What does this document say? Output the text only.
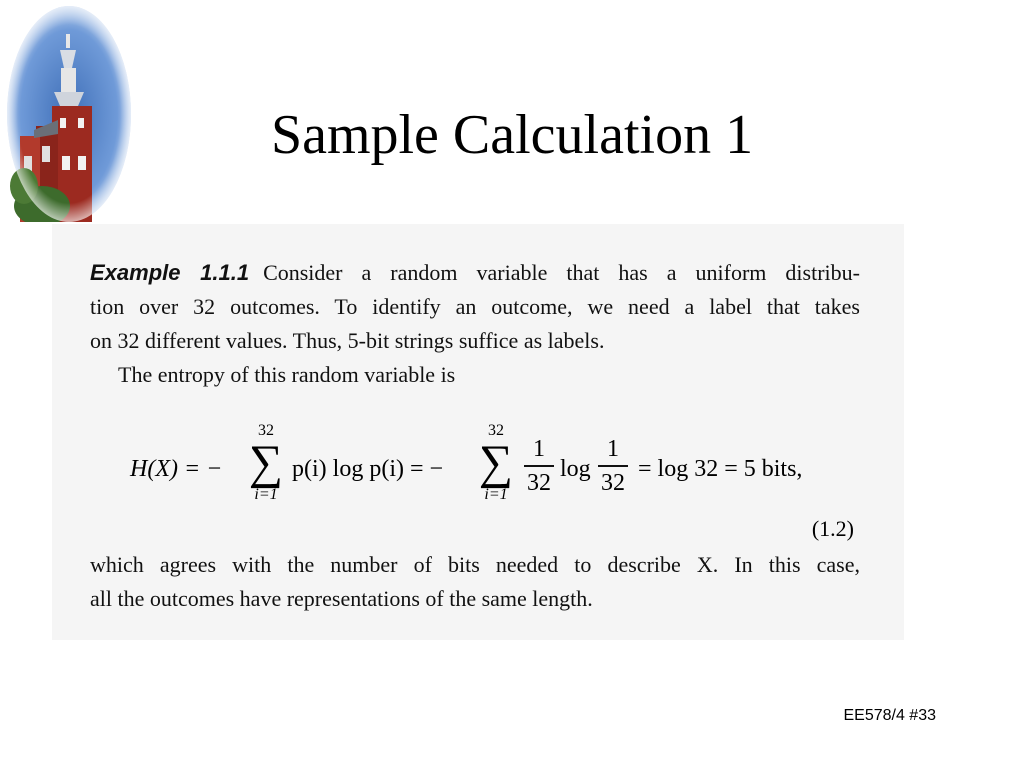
Sample Calculation 1
Example 1.1.1 Consider a random variable that has a uniform distribu-
tion over 32 outcomes. To identify an outcome, we need a label that takes
on 32 different values. Thus, 5-bit strings suffice as labels.
The entropy of this random variable is
H(X) = −
32
∑
i=1
p(i) log p(i) = −
32
∑
i=1
1
32
log
1
32
= log 32 = 5 bits,
(1.2)
which agrees with the number of bits needed to describe X. In this case,
all the outcomes have representations of the same length.
EE578/4 #33
